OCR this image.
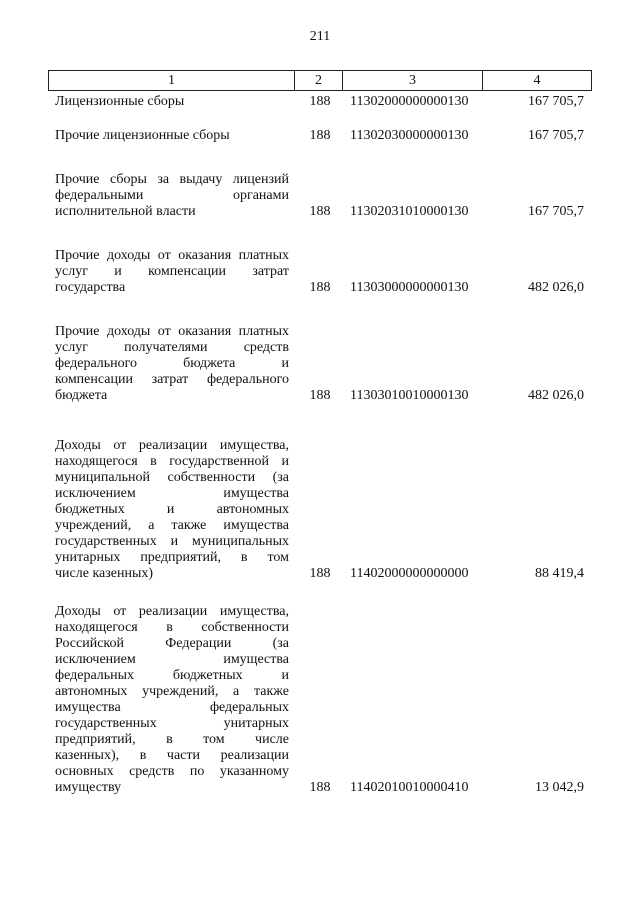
211
1	2	3	4
Лицензионные сборы	188	11302000000000130	167 705,7
Прочие лицензионные сборы	188	11302030000000130	167 705,7
Прочие сборы за выдачу лицензий
федеральными органами
исполнительной власти	188	11302031010000130	167 705,7
Прочие доходы от оказания платных
услуг и компенсации затрат
государства	188	11303000000000130	482 026,0
Прочие доходы от оказания платных
услуг получателями средств
федерального бюджета и
компенсации затрат федерального
бюджета	188	11303010010000130	482 026,0
Доходы от реализации имущества,
находящегося в государственной и
муниципальной собственности (за
исключением имущества
бюджетных и автономных
учреждений, а также имущества
государственных и муниципальных
унитарных предприятий, в том
числе казенных)	188	11402000000000000	88 419,4
Доходы от реализации имущества,
находящегося в собственности
Российской Федерации (за
исключением имущества
федеральных бюджетных и
автономных учреждений, а также
имущества федеральных
государственных унитарных
предприятий, в том числе
казенных), в части реализации
основных средств по указанному
имуществу	188	11402010010000410	13 042,9
